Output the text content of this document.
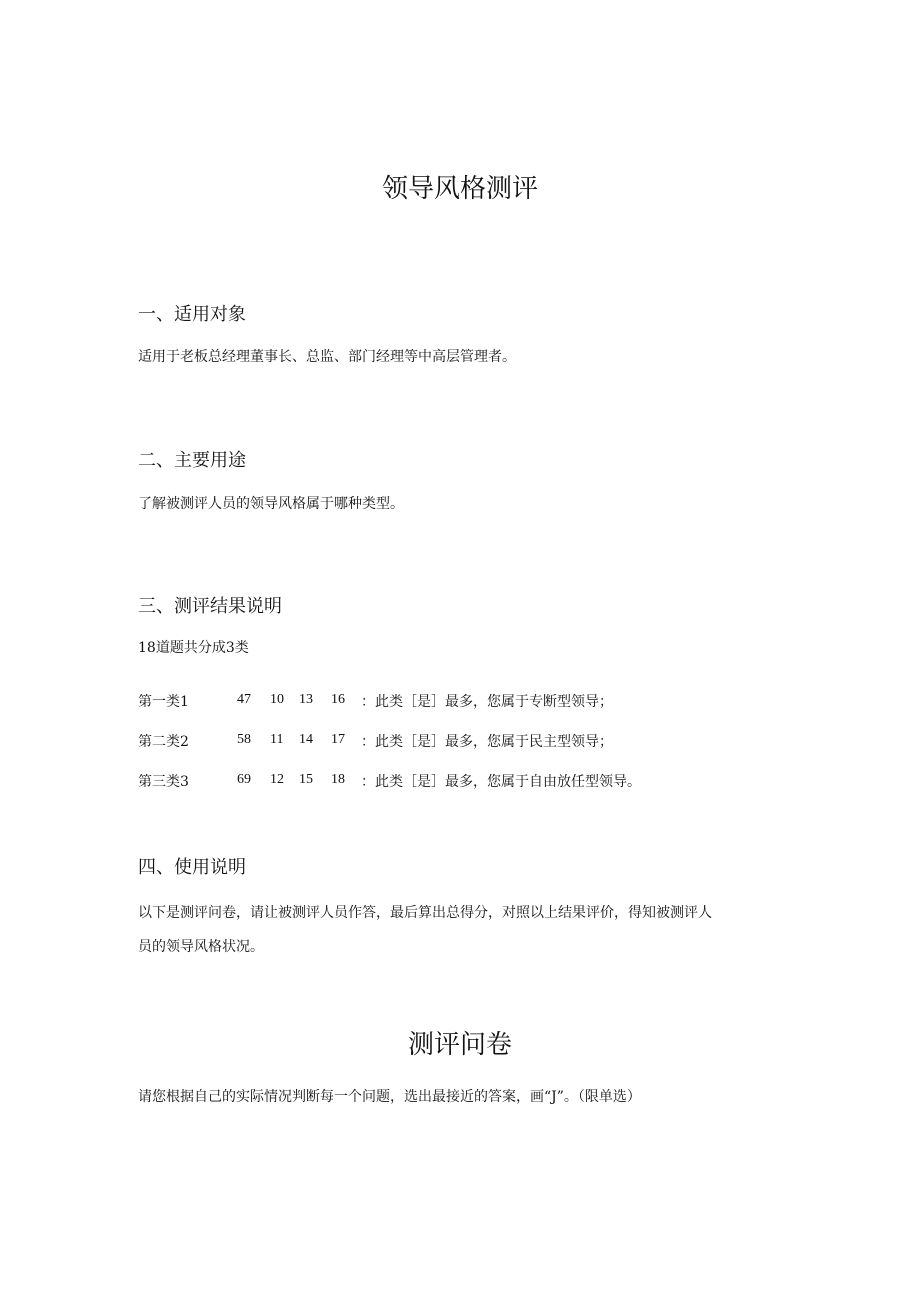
领导风格测评
一、适用对象
适用于老板总经理董事长、总监、部门经理等中高层管理者。
二、主要用途
了解被测评人员的领导风格属于哪种类型。
三、测评结果说明
18道题共分成3类
第一类1	47 10 13 16	：此类［是］最多，您属于专断型领导；
第二类2	58 11 14 17	：此类［是］最多，您属于民主型领导；
第三类3	69 12 15 18	：此类［是］最多，您属于自由放任型领导。
四、使用说明
以下是测评问卷，请让被测评人员作答，最后算出总得分，对照以上结果评价，得知被测评人
员的领导风格状况。
测评问卷
请您根据自己的实际情况判断每一个问题，选出最接近的答案，画“J”。（限单选）
